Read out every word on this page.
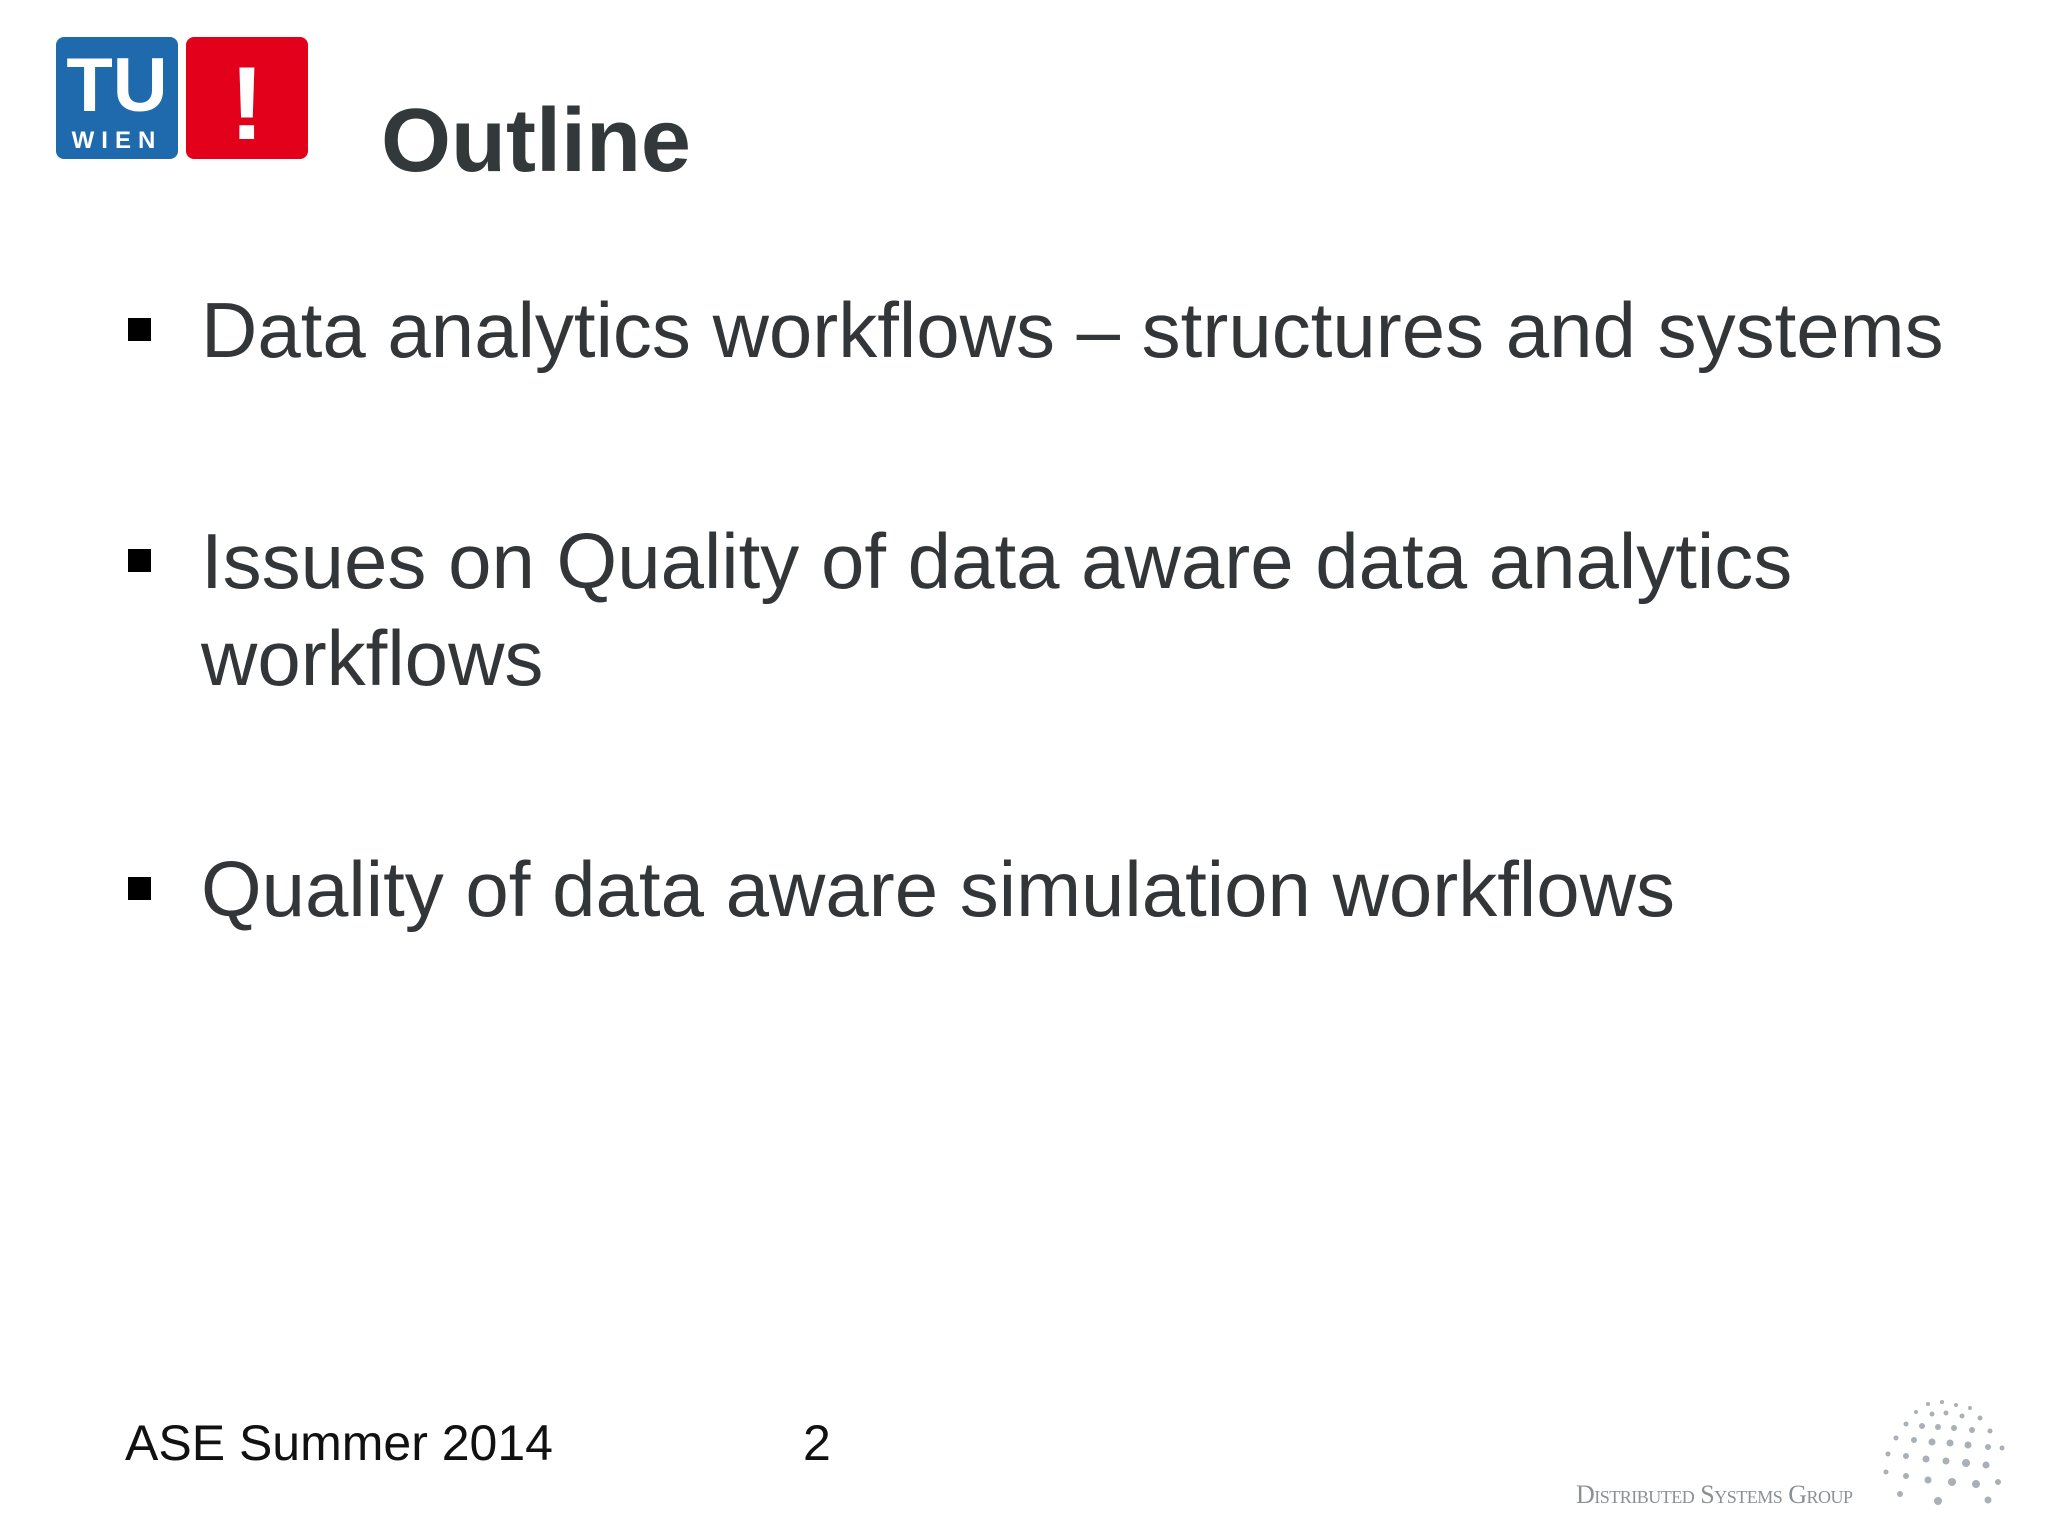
TU
WIEN ! Outline
Data analytics workflows – structures and systems
Issues on Quality of data aware data analytics workflows
Quality of data aware simulation workflows
ASE Summer 2014	2
Distributed Systems Group
